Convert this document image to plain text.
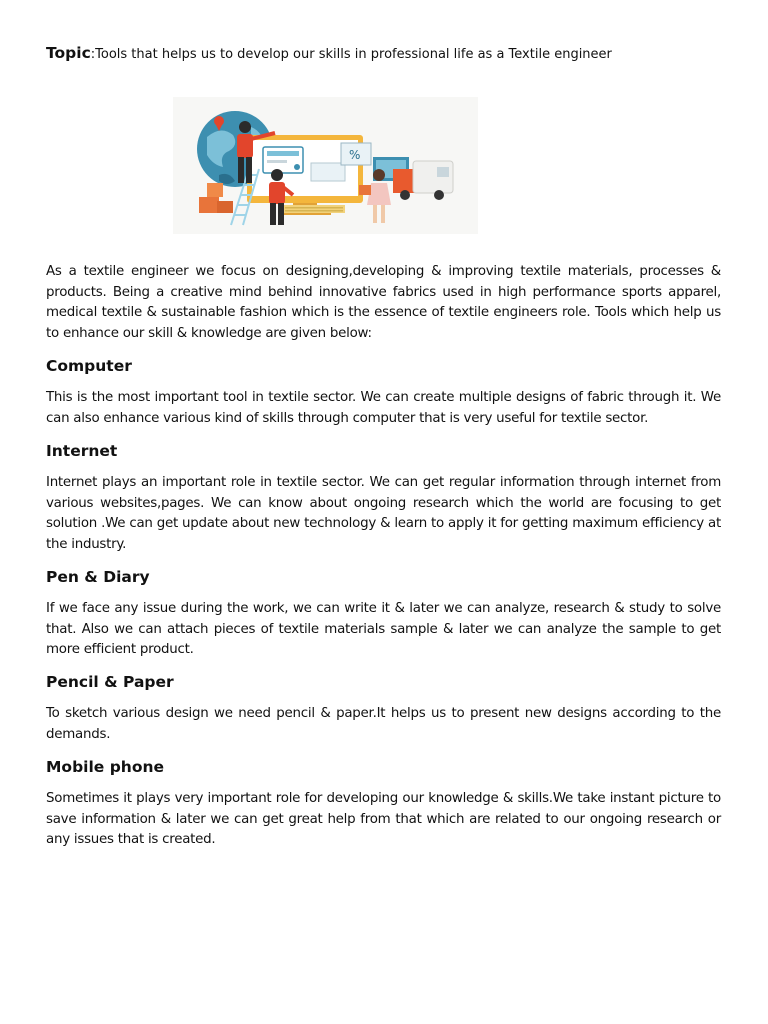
Topic:Tools that helps us to develop our skills in professional life as a Textile engineer
%

As a textile engineer we focus on designing,developing & improving textile materials, processes & products. Being a creative mind behind innovative fabrics used in high performance sports apparel, medical textile & sustainable fashion which is the essence of textile engineers role. Tools which help us to enhance our skill & knowledge are given below:

Computer

This is the most important tool in textile sector. We can create multiple designs of fabric through it. We can also enhance various kind of skills through computer that is very useful for textile sector.

Internet

Internet plays an important role in textile sector. We can get regular information through internet from various websites,pages. We can know about ongoing research which the world are focusing to get solution .We can get update about new technology & learn to apply it for getting maximum efficiency at the industry.

Pen & Diary

If we face any issue during the work, we can write it & later we can analyze, research & study to solve that. Also we can attach pieces of textile materials sample & later we can analyze the sample to get more efficient product.

Pencil & Paper

To sketch various design we need pencil & paper.It helps us to present new designs according to the demands.

Mobile phone

Sometimes it plays very important role for developing our knowledge & skills.We take instant picture to save information & later we can get great help from that which are related to our ongoing research or any issues that is created.
